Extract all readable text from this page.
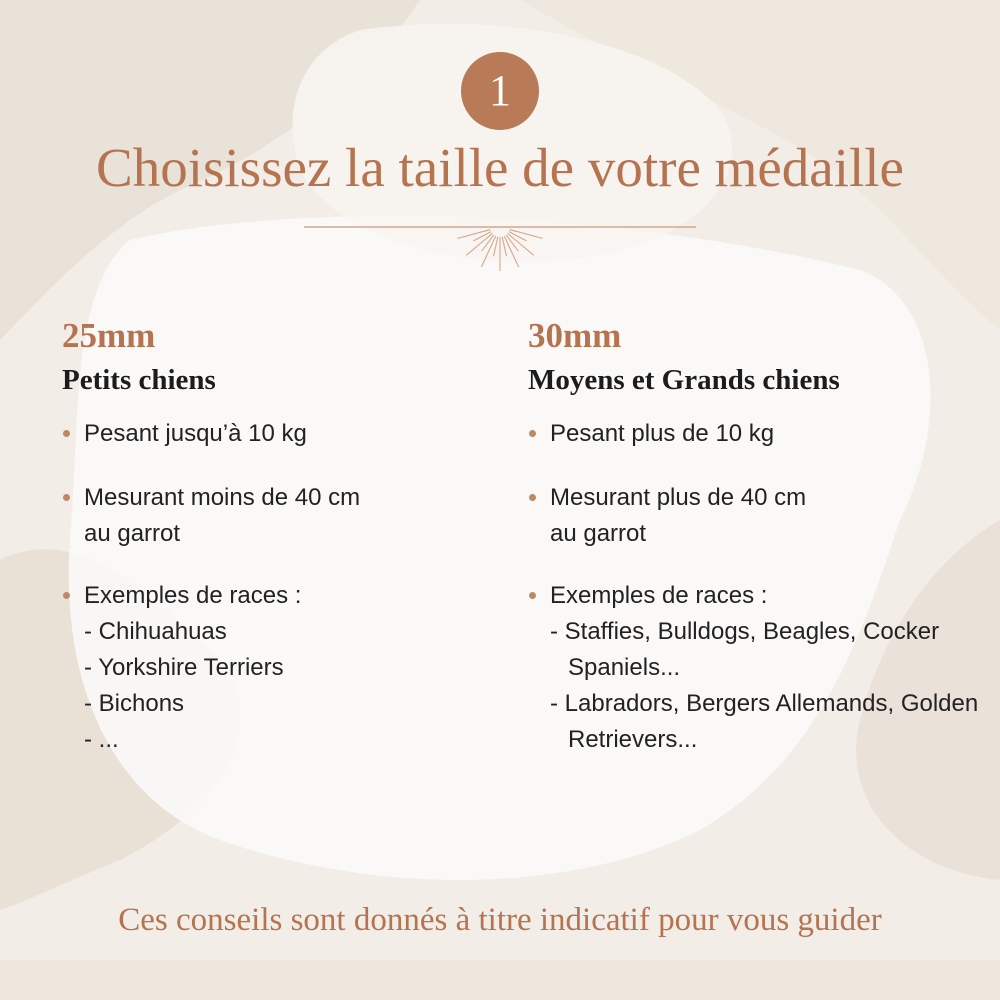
1
Choisissez la taille de votre médaille
25mm
Petits chiens
Pesant jusqu’à 10 kg
Mesurant moins de 40 cm
au garrot
Exemples de races :
- Chihuahuas
- Yorkshire Terriers
- Bichons
- ...
30mm
Moyens et Grands chiens
Pesant plus de 10 kg
Mesurant plus de 40 cm
au garrot
Exemples de races :
- Staffies, Bulldogs, Beagles, Cocker Spaniels...
- Labradors, Bergers Allemands, Golden Retrievers...
Ces conseils sont donnés à titre indicatif pour vous guider
